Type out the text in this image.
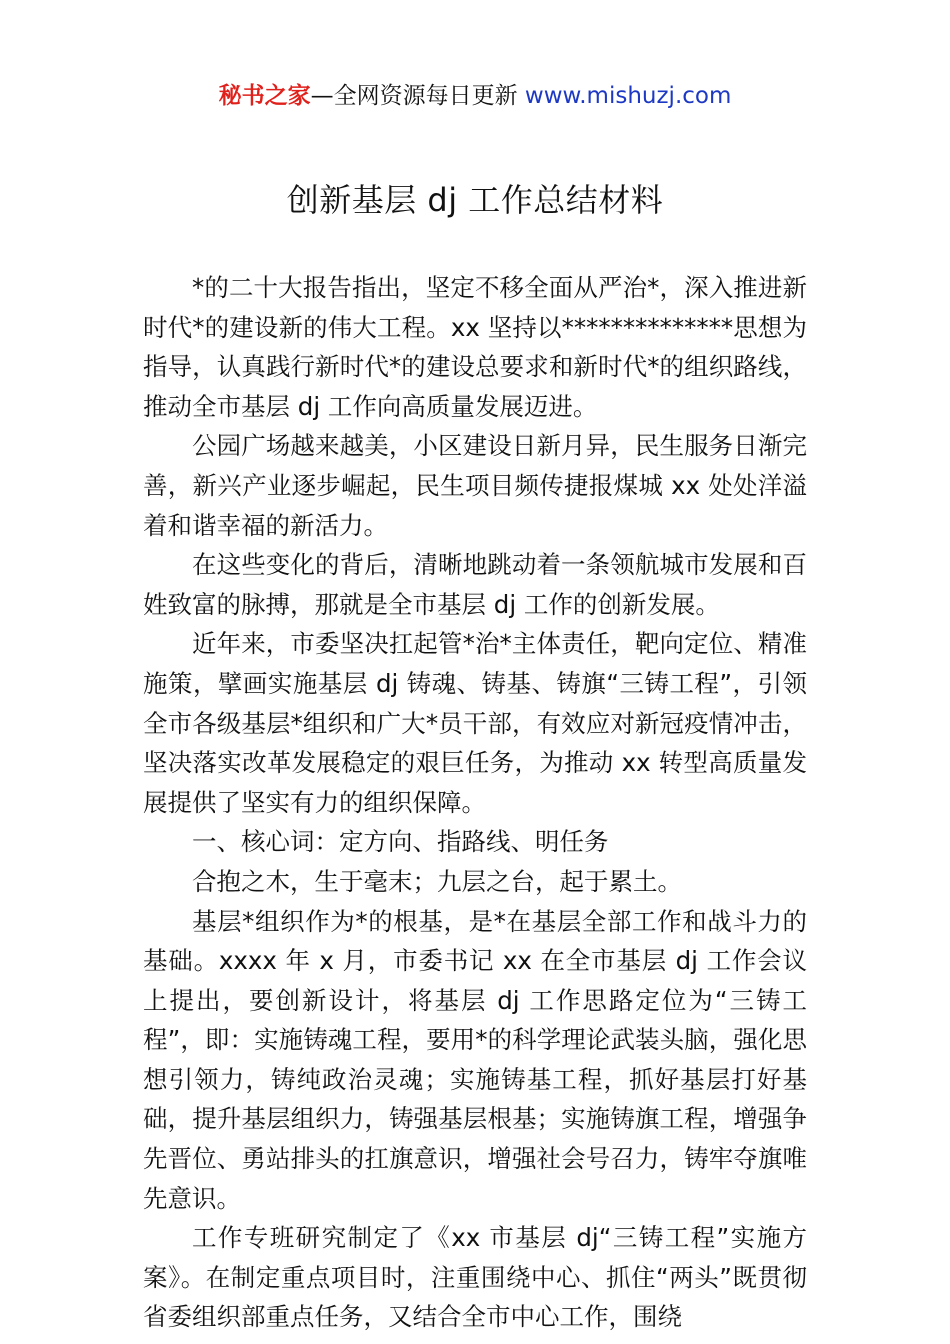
秘书之家—全网资源每日更新 www.mishuzj.com
创新基层 dj 工作总结材料

*的二十大报告指出，坚定不移全面从严治*，深入推进新时代*的建设新的伟大工程。xx 坚持以**************思想为指导，认真践行新时代*的建设总要求和新时代*的组织路线，推动全市基层 dj 工作向高质量发展迈进。

公园广场越来越美，小区建设日新月异，民生服务日渐完善，新兴产业逐步崛起，民生项目频传捷报煤城 xx 处处洋溢着和谐幸福的新活力。

在这些变化的背后，清晰地跳动着一条领航城市发展和百姓致富的脉搏，那就是全市基层 dj 工作的创新发展。

近年来，市委坚决扛起管*治*主体责任，靶向定位、精准施策，擘画实施基层 dj 铸魂、铸基、铸旗“三铸工程”，引领全市各级基层*组织和广大*员干部，有效应对新冠疫情冲击，坚决落实改革发展稳定的艰巨任务，为推动 xx 转型高质量发展提供了坚实有力的组织保障。

一、核心词：定方向、指路线、明任务

合抱之木，生于毫末；九层之台，起于累土。

基层*组织作为*的根基，是*在基层全部工作和战斗力的基础。xxxx 年 x 月，市委书记 xx 在全市基层 dj 工作会议上提出，要创新设计，将基层 dj 工作思路定位为“三铸工程”，即：实施铸魂工程，要用*的科学理论武装头脑，强化思想引领力，铸纯政治灵魂；实施铸基工程，抓好基层打好基础，提升基层组织力，铸强基层根基；实施铸旗工程，增强争先晋位、勇站排头的扛旗意识，增强社会号召力，铸牢夺旗唯先意识。

工作专班研究制定了《xx 市基层 dj“三铸工程”实施方案》。在制定重点项目时，注重围绕中心、抓住“两头”既贯彻省委组织部重点任务，又结合全市中心工作，围绕
